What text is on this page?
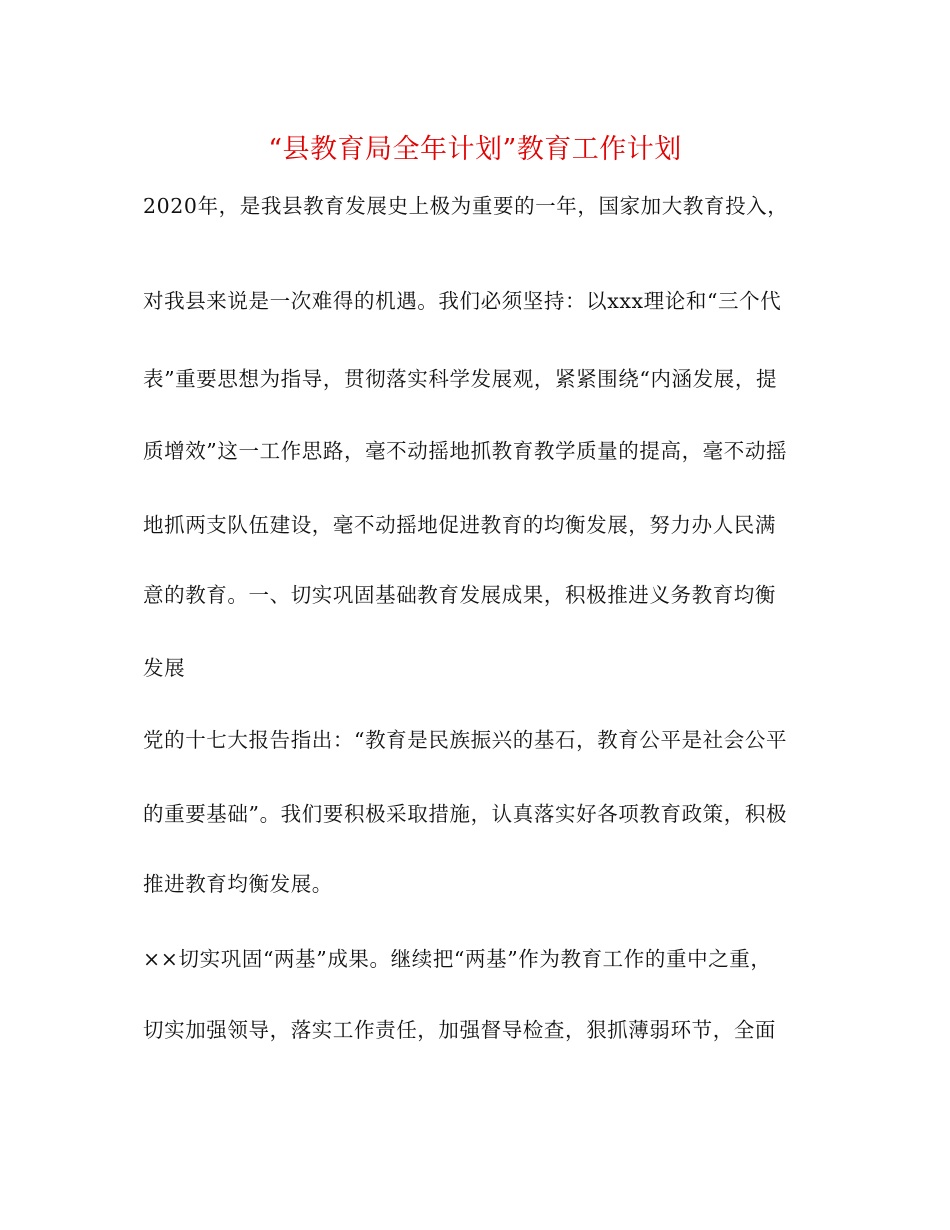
“县教育局全年计划”教育工作计划

2020年，是我县教育发展史上极为重要的一年，国家加大教育投入，

对我县来说是一次难得的机遇。我们必须坚持：以xxx理论和“三个代

表”重要思想为指导，贯彻落实科学发展观，紧紧围绕“内涵发展，提

质增效”这一工作思路，毫不动摇地抓教育教学质量的提高，毫不动摇

地抓两支队伍建设，毫不动摇地促进教育的均衡发展，努力办人民满

意的教育。一、切实巩固基础教育发展成果，积极推进义务教育均衡

发展

党的十七大报告指出：“教育是民族振兴的基石，教育公平是社会公平

的重要基础”。我们要积极采取措施，认真落实好各项教育政策，积极

推进教育均衡发展。

××切实巩固“两基”成果。继续把“两基”作为教育工作的重中之重，

切实加强领导，落实工作责任，加强督导检查，狠抓薄弱环节，全面
